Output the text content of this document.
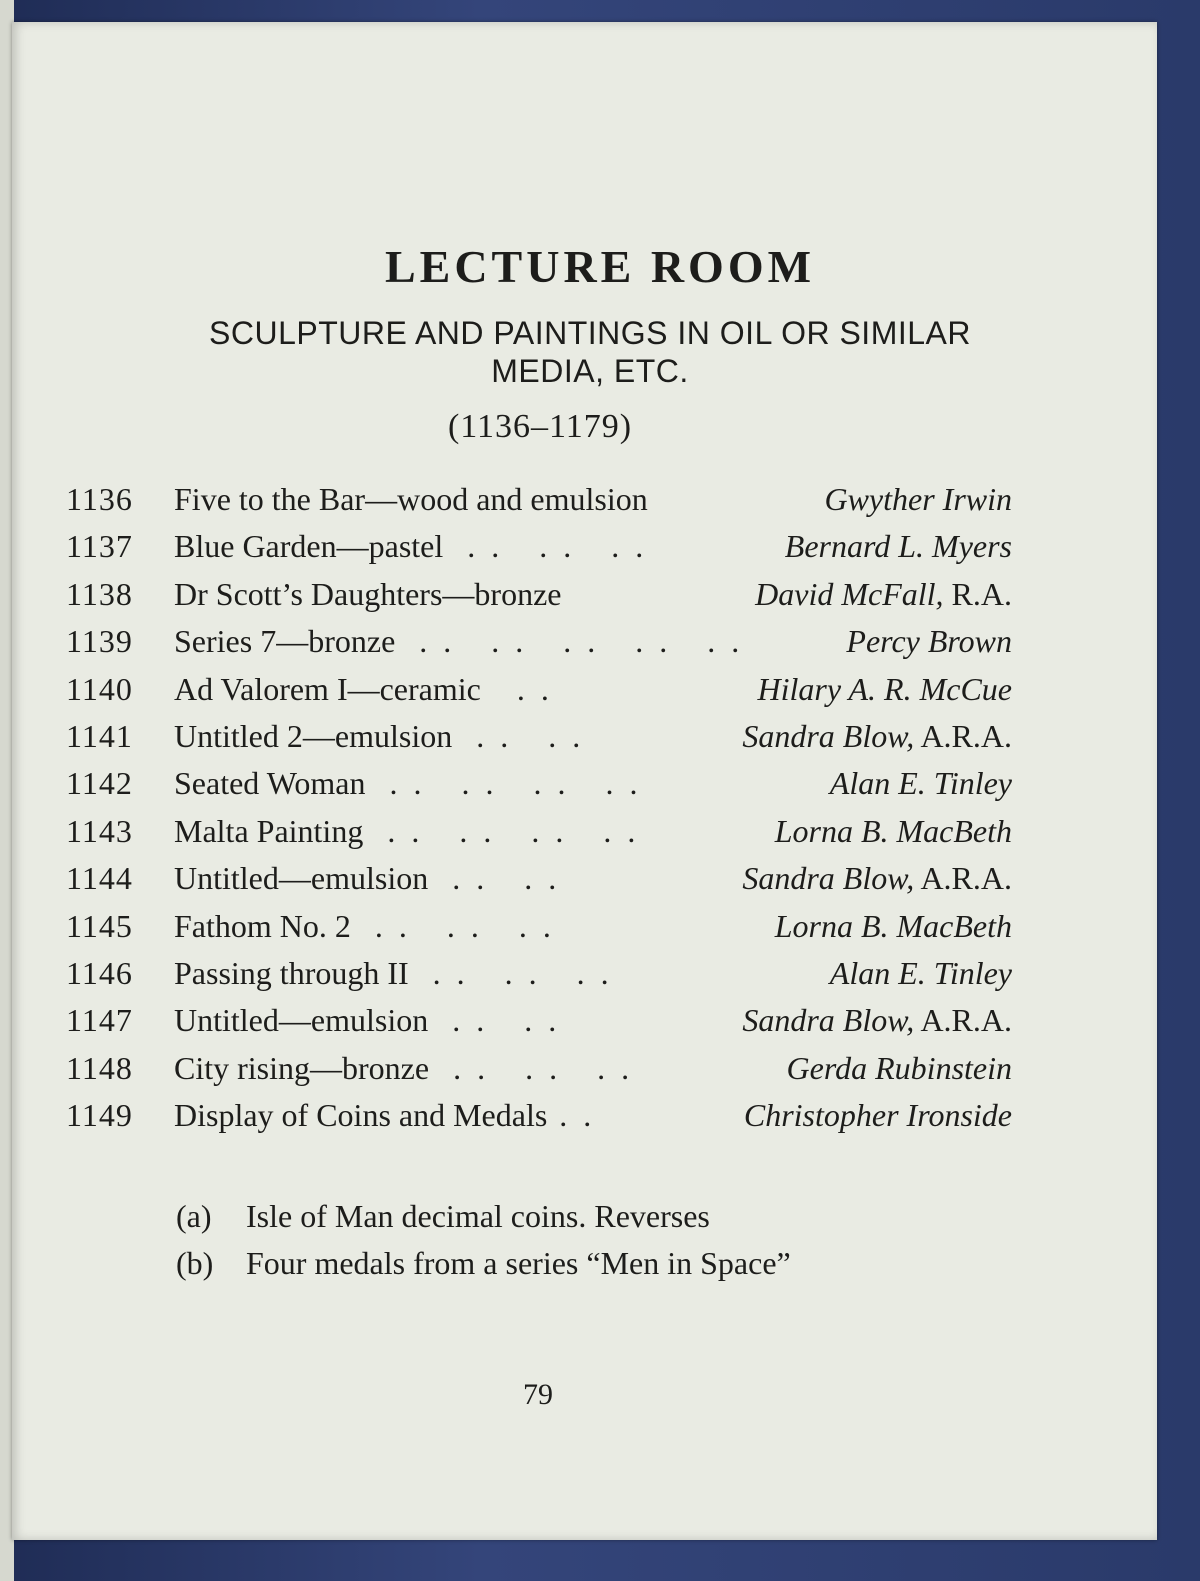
LECTURE ROOM
SCULPTURE AND PAINTINGS IN OIL OR SIMILAR
MEDIA, ETC.
(1136–1179)
1136 Five to the Bar—wood and emulsion	Gwyther Irwin
1137 Blue Garden—pastel  . .   . .   . .	Bernard L. Myers
1138 Dr Scott’s Daughters—bronze	David McFall, R.A.
1139 Series 7—bronze  . .   . .   . .   . .   . .	Percy Brown
1140 Ad Valorem I—ceramic   . .	Hilary A. R. McCue
1141 Untitled 2—emulsion  . .   . .	Sandra Blow, A.R.A.
1142 Seated Woman  . .   . .   . .   . .	Alan E. Tinley
1143 Malta Painting  . .   . .   . .   . .	Lorna B. MacBeth
1144 Untitled—emulsion  . .   . .	Sandra Blow, A.R.A.
1145 Fathom No. 2  . .   . .   . .	Lorna B. MacBeth
1146 Passing through II  . .   . .   . .	Alan E. Tinley
1147 Untitled—emulsion  . .   . .	Sandra Blow, A.R.A.
1148 City rising—bronze  . .   . .   . .	Gerda Rubinstein
1149 Display of Coins and Medals . .	Christopher Ironside
(a) Isle of Man decimal coins. Reverses
(b) Four medals from a series “Men in Space”
79
